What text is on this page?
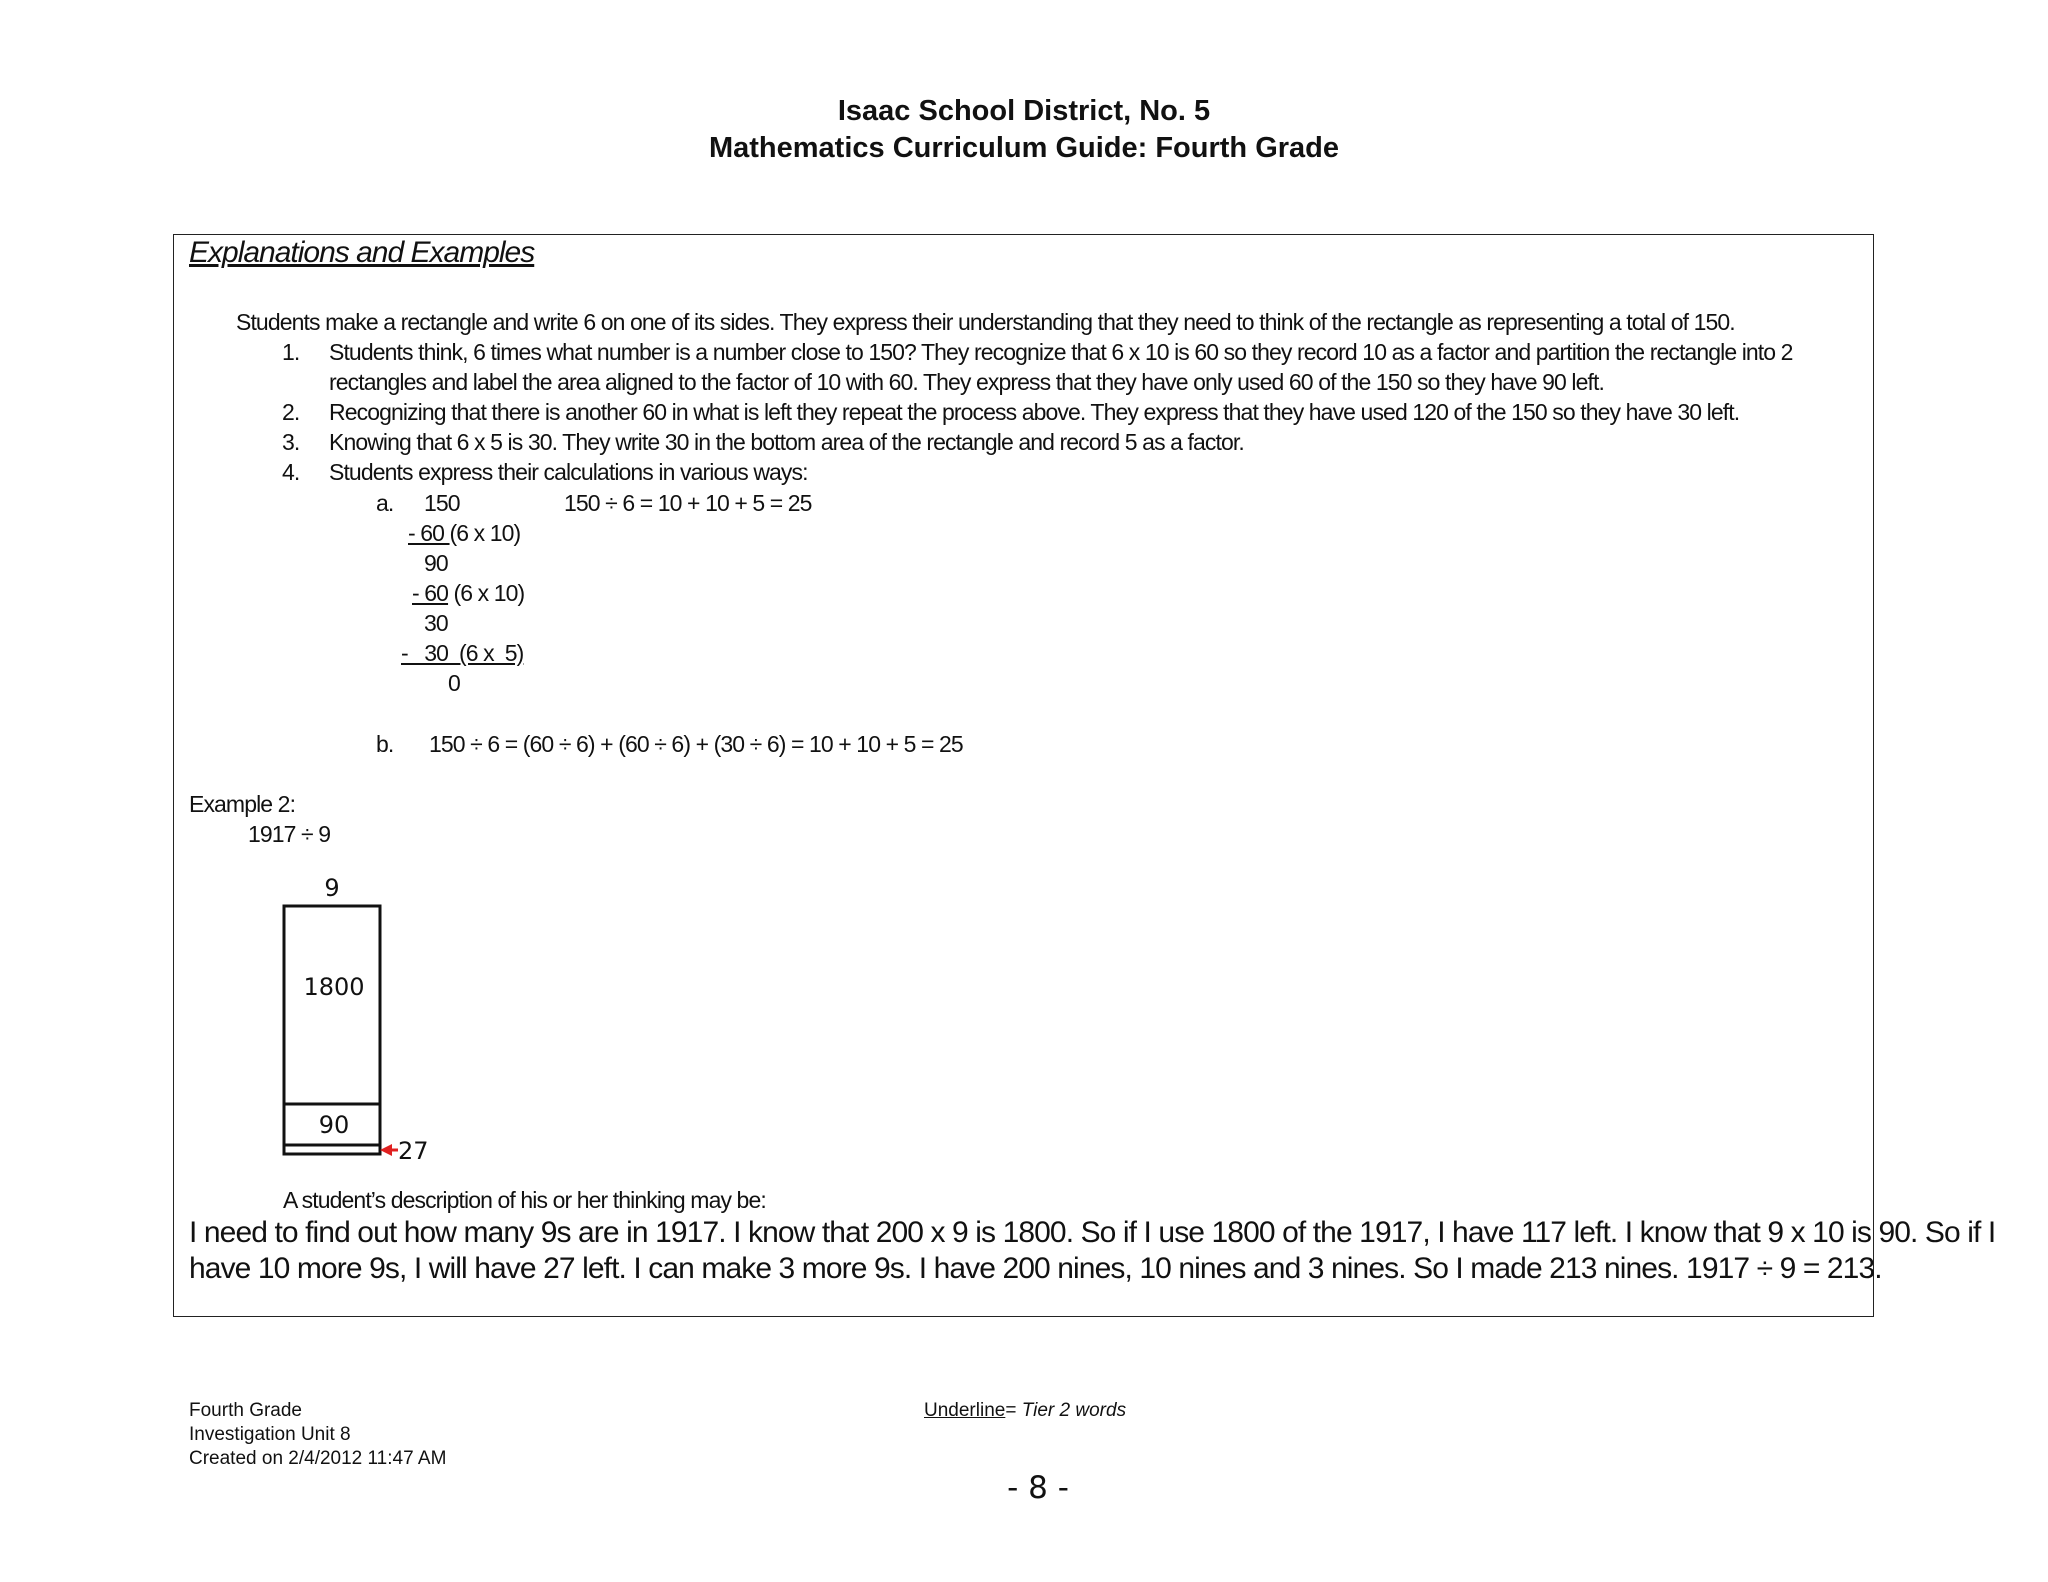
Isaac School District, No. 5
Mathematics Curriculum Guide: Fourth Grade
Explanations and Examples
Students make a rectangle and write 6 on one of its sides. They express their understanding that they need to think of the rectangle as representing a total of 150.
1. Students think, 6 times what number is a number close to 150? They recognize that 6 x 10 is 60 so they record 10 as a factor and partition the rectangle into 2
rectangles and label the area aligned to the factor of 10 with 60. They express that they have only used 60 of the 150 so they have 90 left.
2. Recognizing that there is another 60 in what is left they repeat the process above. They express that they have used 120 of the 150 so they have 30 left.
3. Knowing that 6 x 5 is 30. They write 30 in the bottom area of the rectangle and record 5 as a factor.
4. Students express their calculations in various ways:
a. 150	150 ÷ 6 = 10 + 10 + 5 = 25
- 60 (6 x 10)
90
- 60 (6 x 10)
30
-   30  (6 x  5)
0
b. 150 ÷ 6 = (60 ÷ 6) + (60 ÷ 6) + (30 ÷ 6) = 10 + 10 + 5 = 25
Example 2:
1917 ÷ 9
9
1800
90
27
A student’s description of his or her thinking may be:
I need to find out how many 9s are in 1917. I know that 200 x 9 is 1800. So if I use 1800 of the 1917, I have 117 left. I know that 9 x 10 is 90. So if I
have 10 more 9s, I will have 27 left. I can make 3 more 9s. I have 200 nines, 10 nines and 3 nines. So I made 213 nines. 1917 ÷ 9 = 213.
Fourth Grade
Investigation Unit 8
Created on 2/4/2012 11:47 AM
Underline= Tier 2 words
- 8 -
